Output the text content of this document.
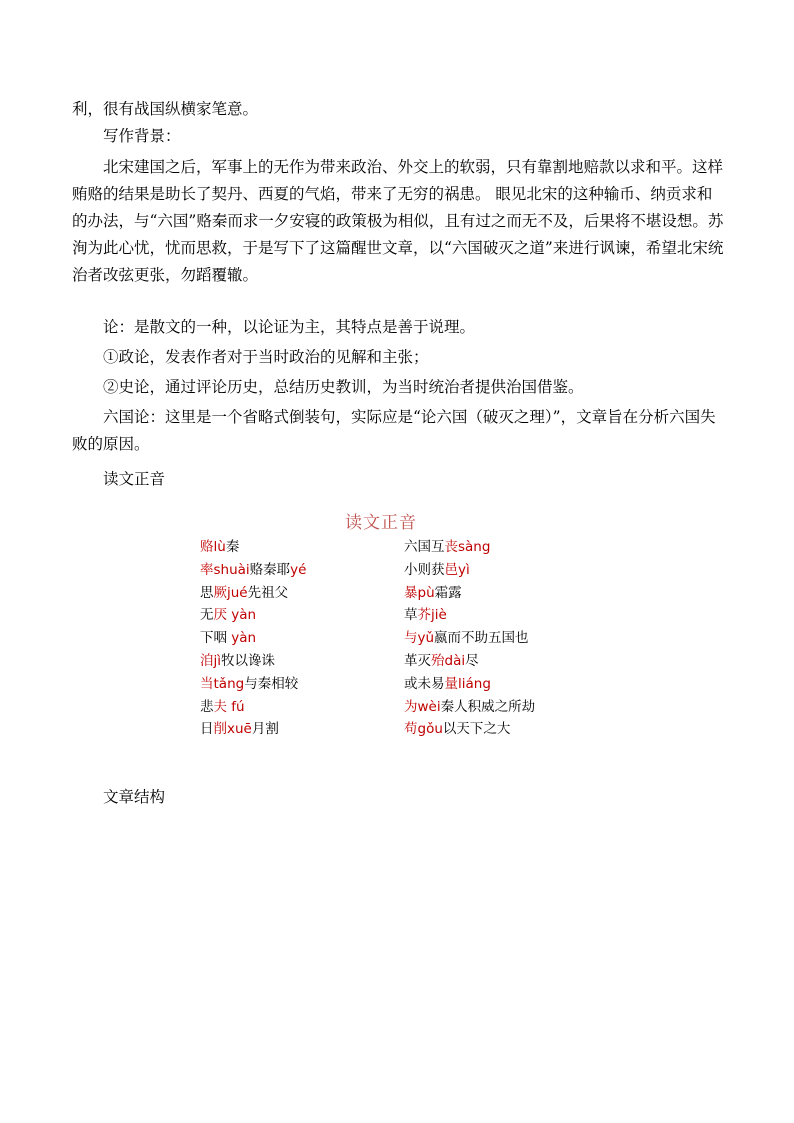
利，很有战国纵横家笔意。

写作背景：

北宋建国之后，军事上的无作为带来政治、外交上的软弱，只有靠割地赔款以求和平。这样贿赂的结果是助长了契丹、西夏的气焰，带来了无穷的祸患。 眼见北宋的这种输币、纳贡求和的办法，与“六国”赂秦而求一夕安寝的政策极为相似，且有过之而无不及，后果将不堪设想。苏洵为此心忧，忧而思救，于是写下了这篇醒世文章，以“六国破灭之道”来进行讽谏，希望北宋统治者改弦更张，勿蹈覆辙。

论：是散文的一种，以论证为主，其特点是善于说理。

①政论，发表作者对于当时政治的见解和主张；

②史论，通过评论历史，总结历史教训，为当时统治者提供治国借鉴。

六国论：这里是一个省略式倒装句，实际应是“论六国（破灭之理）”，文章旨在分析六国失败的原因。

读文正音

读文正音
赂lù秦
率shuài赂秦耶yé
思厥jué先祖父
无厌 yàn
下咽 yàn
洎jì牧以谗诛
当tǎng与秦相较
悲夫 fú
日削xuē月割
六国互丧sàng
小则获邑yì
暴pù霜露
草芥jiè
与yǔ嬴而不助五国也
革灭殆dài尽
或未易量liáng
为wèi秦人积威之所劫
苟gǒu以天下之大

文章结构
